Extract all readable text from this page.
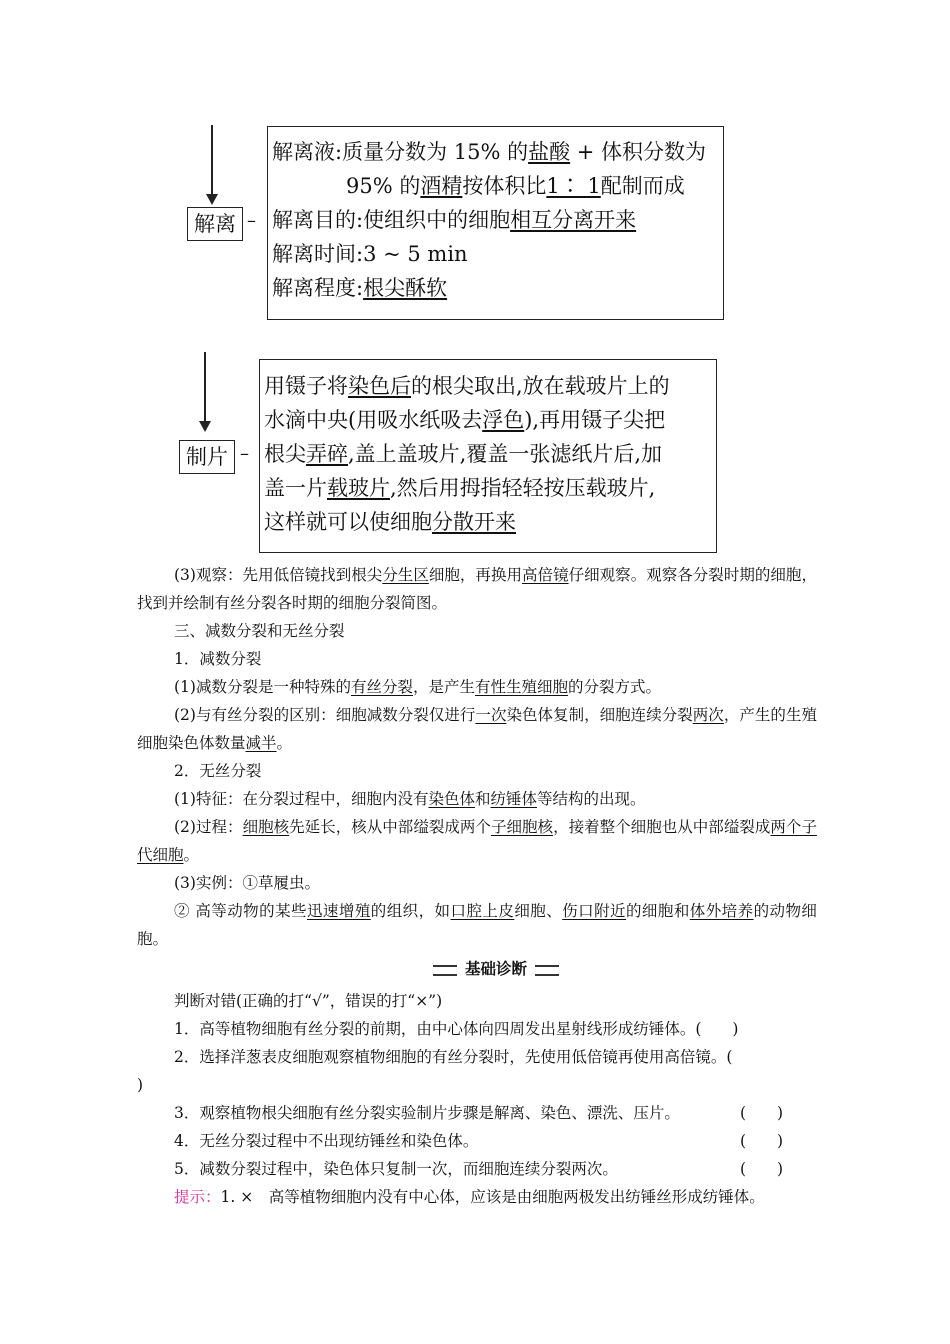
解离 –
解离液:质量分数为 15% 的盐酸 + 体积分数为
95% 的酒精按体积比1∶ 1配制而成
解离目的:使组织中的细胞相互分离开来
解离时间:3 ~ 5 min
解离程度:根尖酥软
制片 –
用镊子将染色后的根尖取出,放在载玻片上的
水滴中央(用吸水纸吸去浮色),再用镊子尖把
根尖弄碎,盖上盖玻片,覆盖一张滤纸片后,加
盖一片载玻片,然后用拇指轻轻按压载玻片,
这样就可以使细胞分散开来
(3)观察：先用低倍镜找到根尖分生区细胞，再换用高倍镜仔细观察。观察各分裂时期的细胞，找到并绘制有丝分裂各时期的细胞分裂简图。
三、减数分裂和无丝分裂
1．减数分裂
(1)减数分裂是一种特殊的有丝分裂，是产生有性生殖细胞的分裂方式。
(2)与有丝分裂的区别：细胞减数分裂仅进行一次染色体复制，细胞连续分裂两次，产生的生殖细胞染色体数量减半。
2．无丝分裂
(1)特征：在分裂过程中，细胞内没有染色体和纺锤体等结构的出现。
(2)过程：细胞核先延长，核从中部缢裂成两个子细胞核，接着整个细胞也从中部缢裂成两个子代细胞。
(3)实例：①草履虫。
② 高等动物的某些迅速增殖的组织，如口腔上皮细胞、伤口附近的细胞和体外培养的动物细胞。
基础诊断
判断对错(正确的打“√”，错误的打“×”)
1．高等植物细胞有丝分裂的前期，由中心体向四周发出星射线形成纺锤体。(　　)
2．选择洋葱表皮细胞观察植物细胞的有丝分裂时，先使用低倍镜再使用高倍镜。(
)
3．观察植物根尖细胞有丝分裂实验制片步骤是解离、染色、漂洗、压片。	(　　)
4．无丝分裂过程中不出现纺锤丝和染色体。	(　　)
5．减数分裂过程中，染色体只复制一次，而细胞连续分裂两次。	(　　)
提示：1. ×　高等植物细胞内没有中心体，应该是由细胞两极发出纺锤丝形成纺锤体。
